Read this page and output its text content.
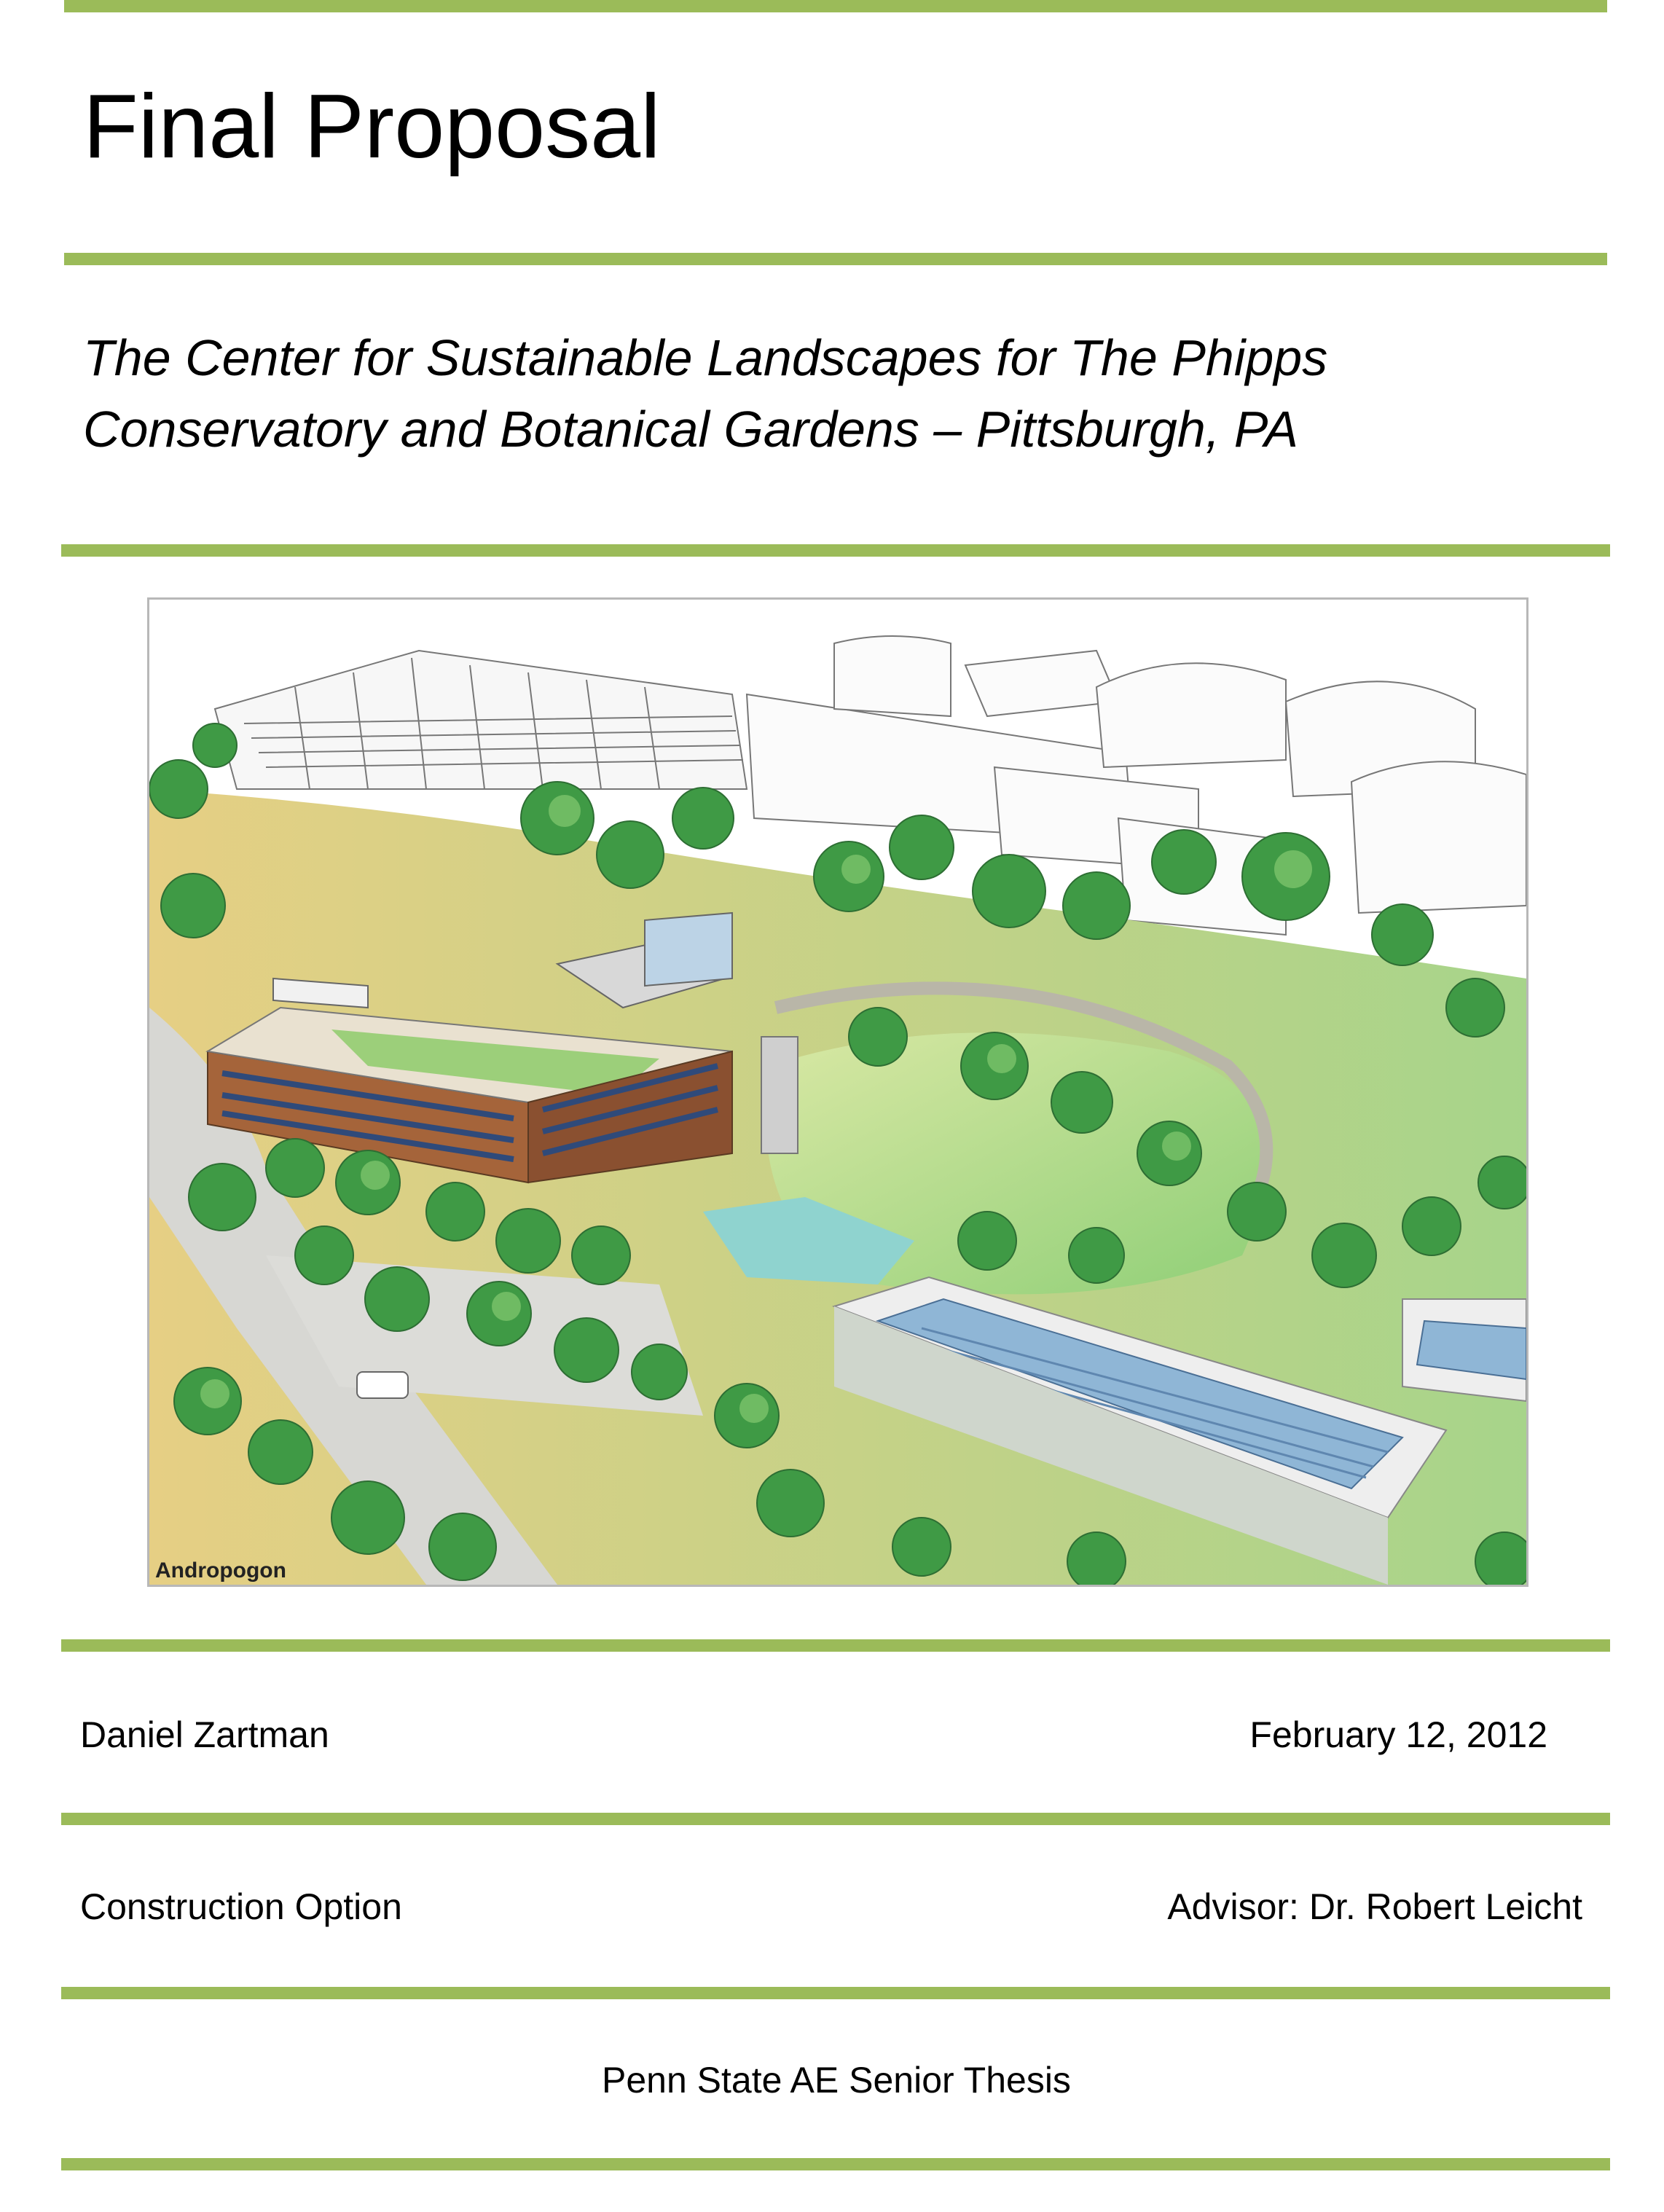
Final Proposal
The Center for Sustainable Landscapes for The Phipps
Conservatory and Botanical Gardens – Pittsburgh, PA
Andropogon
Daniel Zartman	February 12, 2012
Construction Option	Advisor: Dr. Robert Leicht
Penn State AE Senior Thesis
